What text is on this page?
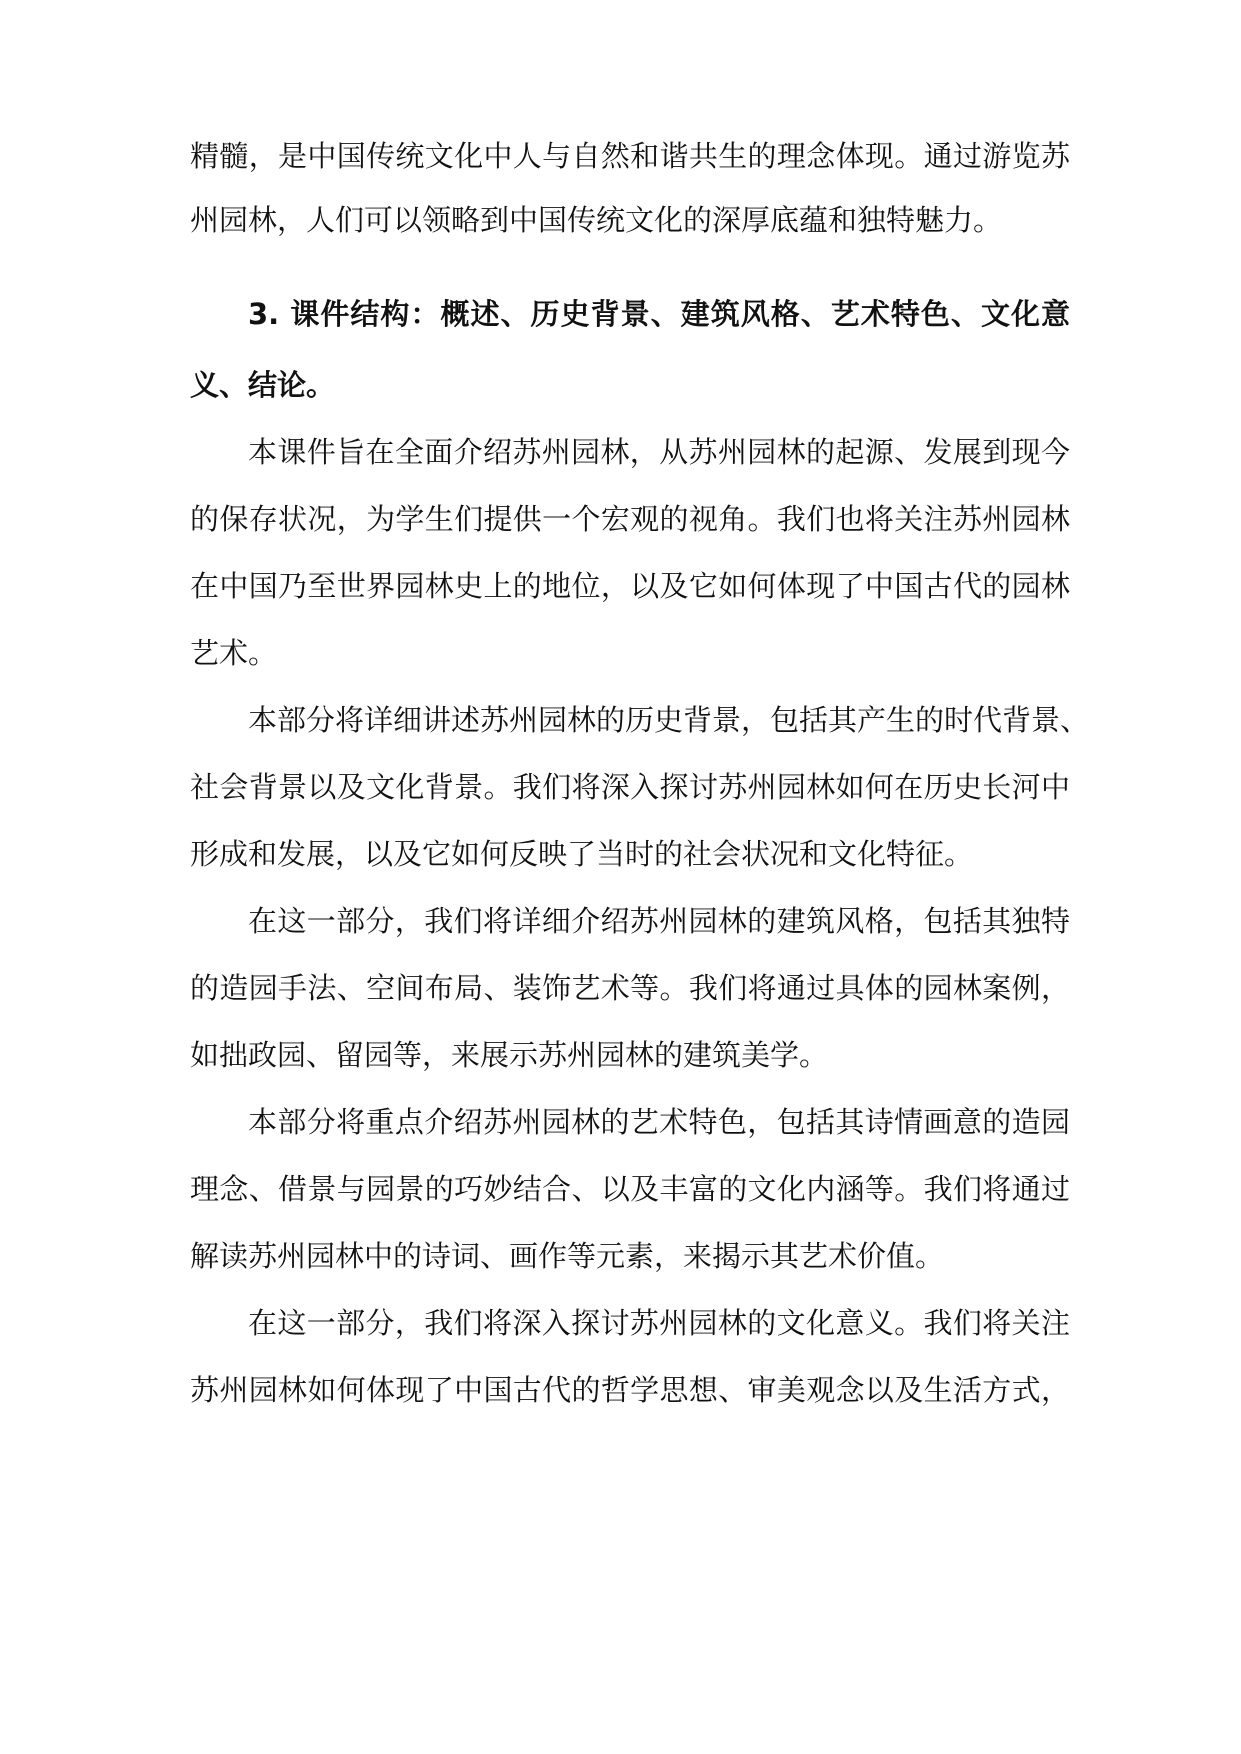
精髓，是中国传统文化中人与自然和谐共生的理念体现。通过游览苏
州园林，人们可以领略到中国传统文化的深厚底蕴和独特魅力。
3. 课件结构：概述、历史背景、建筑风格、艺术特色、文化意
义、结论。
本课件旨在全面介绍苏州园林，从苏州园林的起源、发展到现今
的保存状况，为学生们提供一个宏观的视角。我们也将关注苏州园林
在中国乃至世界园林史上的地位，以及它如何体现了中国古代的园林
艺术。
本部分将详细讲述苏州园林的历史背景，包括其产生的时代背景、
社会背景以及文化背景。我们将深入探讨苏州园林如何在历史长河中
形成和发展，以及它如何反映了当时的社会状况和文化特征。
在这一部分，我们将详细介绍苏州园林的建筑风格，包括其独特
的造园手法、空间布局、装饰艺术等。我们将通过具体的园林案例，
如拙政园、留园等，来展示苏州园林的建筑美学。
本部分将重点介绍苏州园林的艺术特色，包括其诗情画意的造园
理念、借景与园景的巧妙结合、以及丰富的文化内涵等。我们将通过
解读苏州园林中的诗词、画作等元素，来揭示其艺术价值。
在这一部分，我们将深入探讨苏州园林的文化意义。我们将关注
苏州园林如何体现了中国古代的哲学思想、审美观念以及生活方式，
